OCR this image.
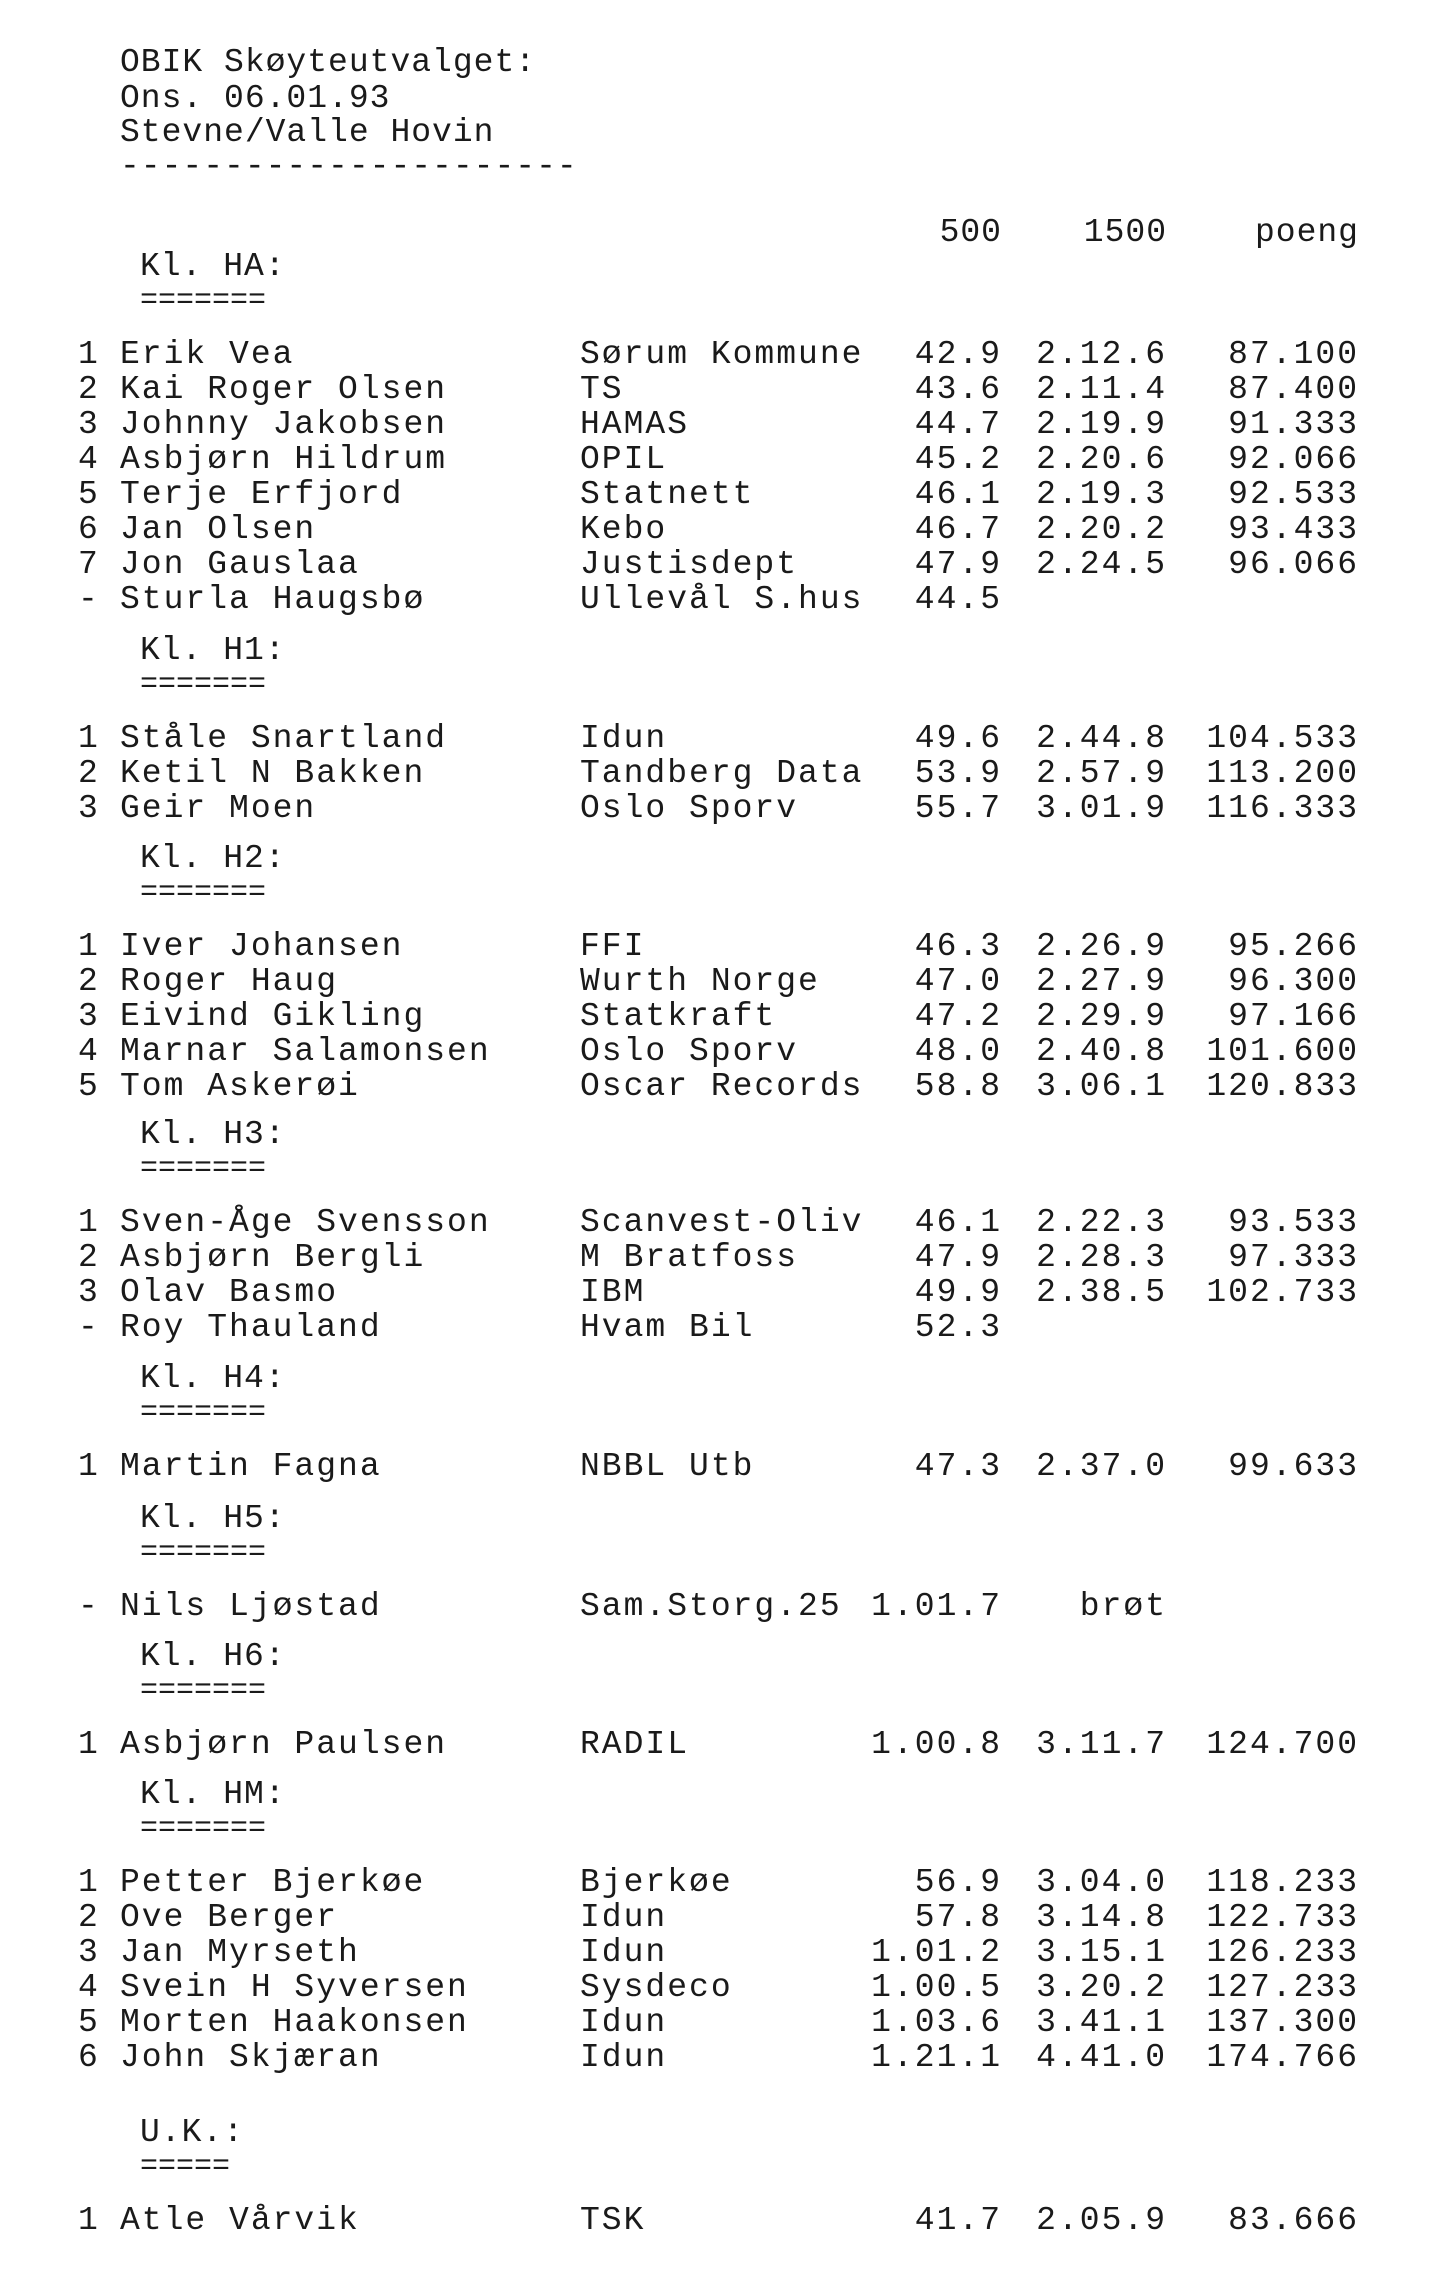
OBIK Skøyteutvalget:
Ons. 06.01.93
Stevne/Valle Hovin
----------------------
500 1500	poeng
Kl. HA:
=======
1 Erik Vea	Sørum Kommune 42.9 2.12.6 87.100
2 Kai Roger Olsen	TS	43.6 2.11.4 87.400
3 Johnny Jakobsen	HAMAS	44.7 2.19.9 91.333
4 Asbjørn Hildrum	OPIL	45.2 2.20.6 92.066
5 Terje Erfjord	Statnett	46.1 2.19.3 92.533
6 Jan Olsen	Kebo	46.7 2.20.2 93.433
7 Jon Gauslaa	Justisdept	47.9 2.24.5 96.066
- Sturla Haugsbø	Ullevål S.hus 44.5
Kl. H1:
=======
1 Ståle Snartland	Idun	49.6 2.44.8 104.533
2 Ketil N Bakken	Tandberg Data 53.9 2.57.9 113.200
3 Geir Moen	Oslo Sporv	55.7 3.01.9 116.333
Kl. H2:
=======
1 Iver Johansen	FFI	46.3 2.26.9 95.266
2 Roger Haug	Wurth Norge	47.0 2.27.9 96.300
3 Eivind Gikling	Statkraft	47.2 2.29.9 97.166
4 Marnar Salamonsen	Oslo Sporv	48.0 2.40.8 101.600
5 Tom Askerøi	Oscar Records 58.8 3.06.1 120.833
Kl. H3:
=======
1 Sven-Åge Svensson	Scanvest-Oliv 46.1 2.22.3 93.533
2 Asbjørn Bergli	M Bratfoss	47.9 2.28.3 97.333
3 Olav Basmo	IBM	49.9 2.38.5 102.733
- Roy Thauland	Hvam Bil	52.3
Kl. H4:
=======
1 Martin Fagna	NBBL Utb	47.3 2.37.0 99.633
Kl. H5:
=======
- Nils Ljøstad	Sam.Storg.25 1.01.7 brøt
Kl. H6:
=======
1 Asbjørn Paulsen	RADIL	1.00.8 3.11.7 124.700
Kl. HM:
=======
1 Petter Bjerkøe	Bjerkøe	56.9 3.04.0 118.233
2 Ove Berger	Idun	57.8 3.14.8 122.733
3 Jan Myrseth	Idun	1.01.2 3.15.1 126.233
4 Svein H Syversen	Sysdeco	1.00.5 3.20.2 127.233
5 Morten Haakonsen	Idun	1.03.6 3.41.1 137.300
6 John Skjæran	Idun	1.21.1 4.41.0 174.766
U.K.:
=====
1 Atle Vårvik	TSK	41.7 2.05.9 83.666
